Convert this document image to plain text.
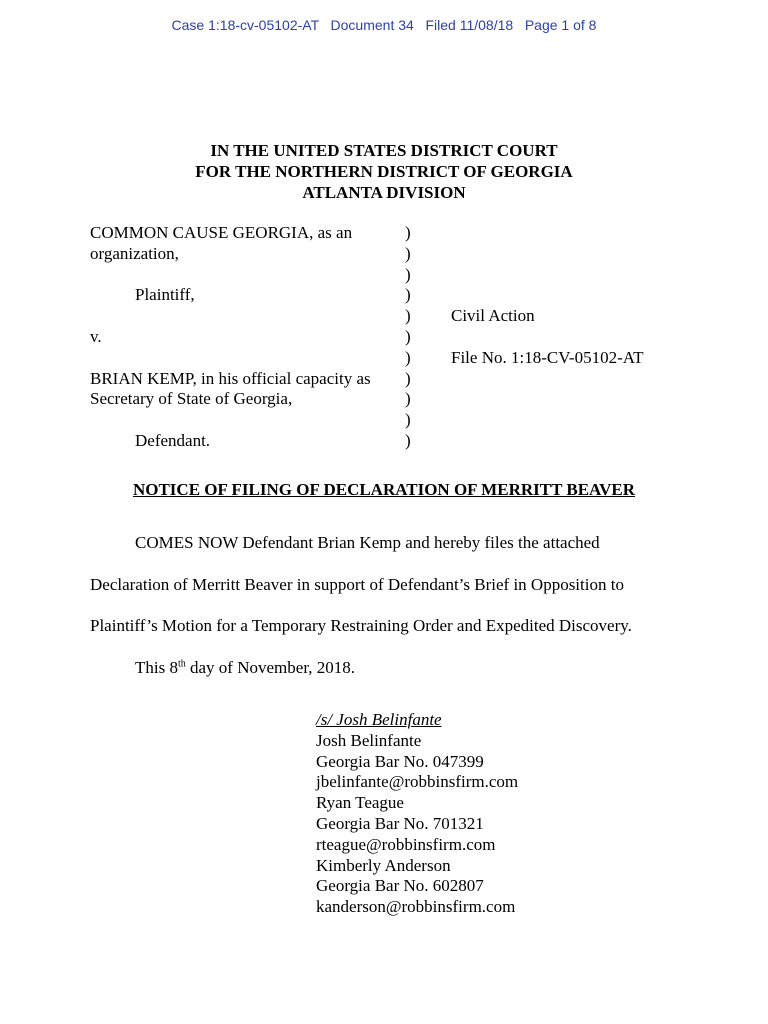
Case 1:18-cv-05102-AT   Document 34   Filed 11/08/18   Page 1 of 8
IN THE UNITED STATES DISTRICT COURT
FOR THE NORTHERN DISTRICT OF GEORGIA
ATLANTA DIVISION
COMMON CAUSE GEORGIA, as an
organization,
Plaintiff,
v.
BRIAN KEMP, in his official capacity as
Secretary of State of Georgia,
Defendant.
)
)
)
)
)
)
)
)
)
)
)
Civil Action
File No. 1:18-CV-05102-AT
NOTICE OF FILING OF DECLARATION OF MERRITT BEAVER
COMES NOW Defendant Brian Kemp and hereby files the attached
Declaration of Merritt Beaver in support of Defendant’s Brief in Opposition to
Plaintiff’s Motion for a Temporary Restraining Order and Expedited Discovery.
This 8th day of November, 2018.
/s/ Josh Belinfante
Josh Belinfante
Georgia Bar No. 047399
jbelinfante@robbinsfirm.com
Ryan Teague
Georgia Bar No. 701321
rteague@robbinsfirm.com
Kimberly Anderson
Georgia Bar No. 602807
kanderson@robbinsfirm.com
